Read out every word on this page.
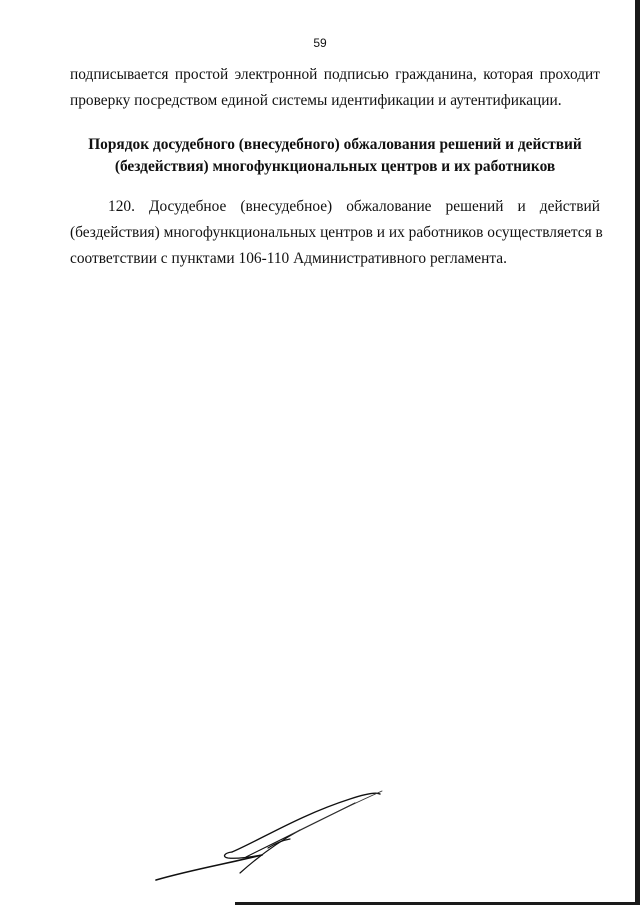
59
подписывается простой электронной подписью гражданина, которая проходит
проверку посредством единой системы идентификации и аутентификации.
Порядок досудебного (внесудебного) обжалования решений и действий
(бездействия) многофункциональных центров и их работников
120. Досудебное (внесудебное) обжалование решений и действий
(бездействия) многофункциональных центров и их работников осуществляется в
соответствии с пунктами 106-110 Административного регламента.
